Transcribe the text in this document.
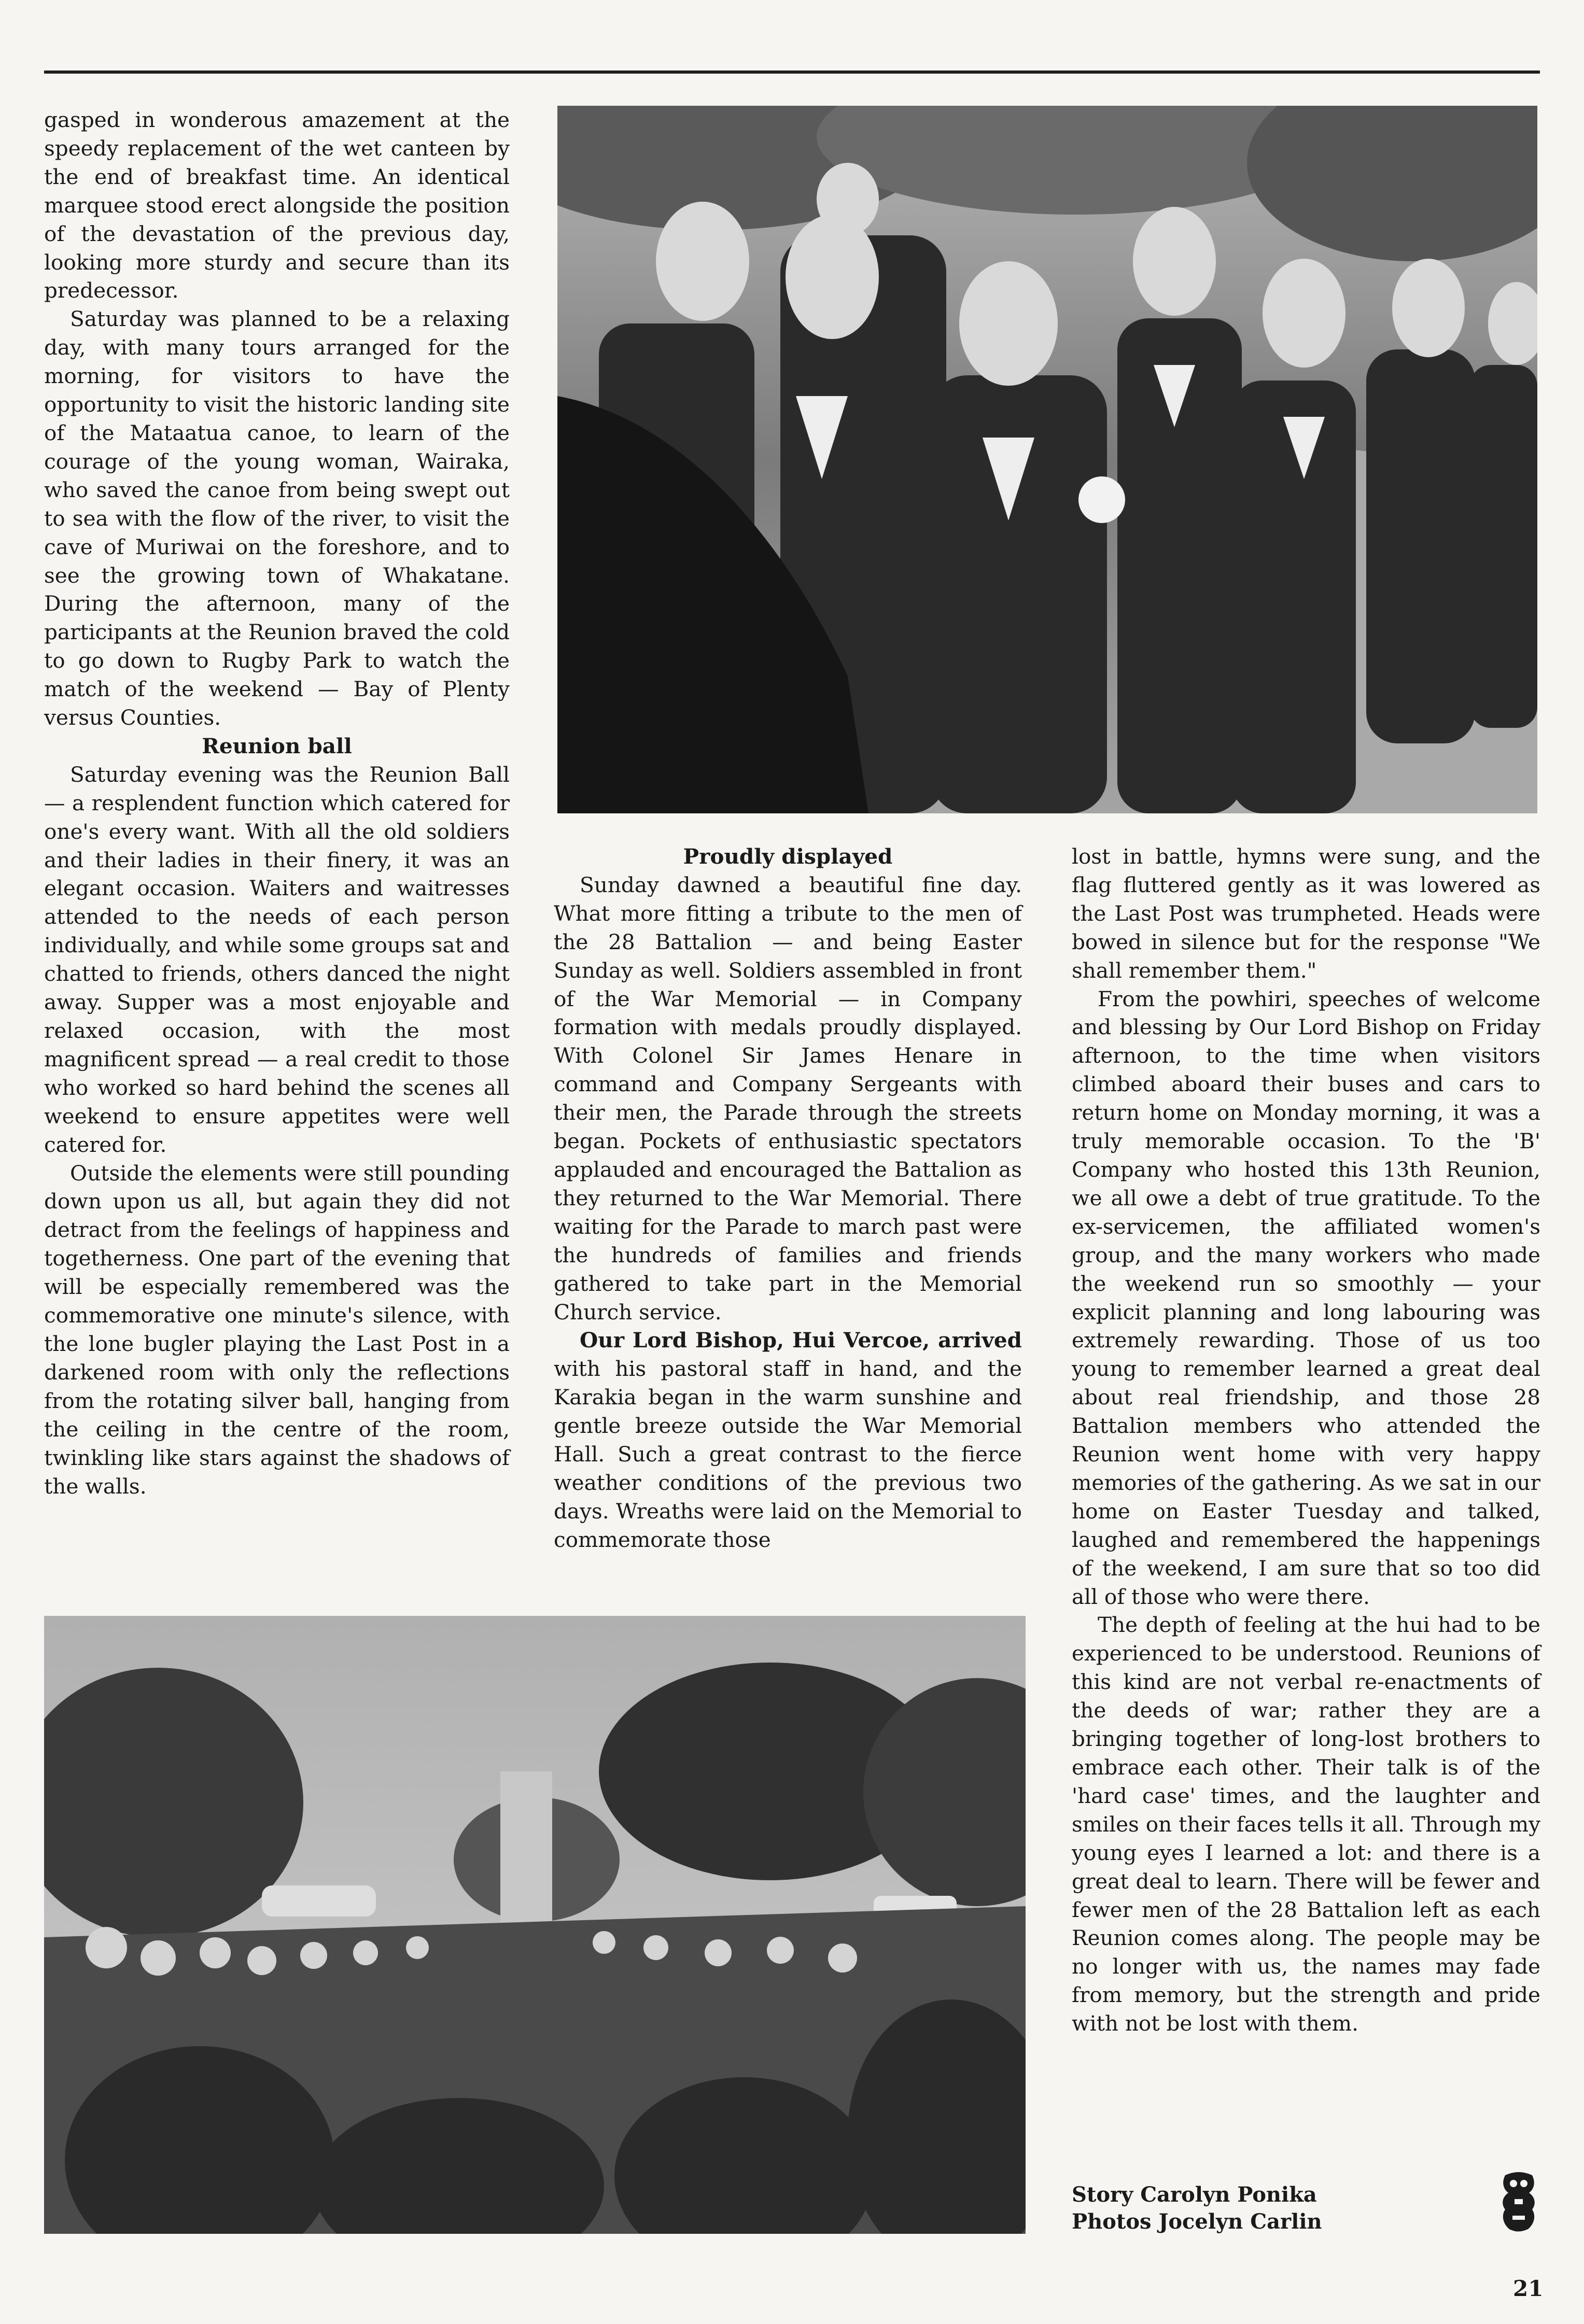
gasped in wonderous amazement at the speedy replacement of the wet canteen by the end of breakfast time. An identical marquee stood erect alongside the position of the devastation of the previous day, looking more sturdy and secure than its predecessor.

Saturday was planned to be a relaxing day, with many tours arranged for the morning, for visitors to have the opportunity to visit the historic landing site of the Mataatua canoe, to learn of the courage of the young woman, Wairaka, who saved the canoe from being swept out to sea with the flow of the river, to visit the cave of Muriwai on the foreshore, and to see the growing town of Whakatane. During the afternoon, many of the participants at the Reunion braved the cold to go down to Rugby Park to watch the match of the weekend — Bay of Plenty versus Counties.

Reunion ball

Saturday evening was the Reunion Ball — a resplendent function which catered for one's every want. With all the old soldiers and their ladies in their finery, it was an elegant occasion. Waiters and waitresses attended to the needs of each person individually, and while some groups sat and chatted to friends, others danced the night away. Supper was a most enjoyable and relaxed occasion, with the most magnificent spread — a real credit to those who worked so hard behind the scenes all weekend to ensure appetites were well catered for.

Outside the elements were still pounding down upon us all, but again they did not detract from the feelings of happiness and togetherness. One part of the evening that will be especially remembered was the commemorative one minute's silence, with the lone bugler playing the Last Post in a darkened room with only the reflections from the rotating silver ball, hanging from the ceiling in the centre of the room, twinkling like stars against the shadows of the walls.

Proudly displayed

Sunday dawned a beautiful fine day. What more fitting a tribute to the men of the 28 Battalion — and being Easter Sunday as well. Soldiers assembled in front of the War Memorial — in Company formation with medals proudly displayed. With Colonel Sir James Henare in command and Company Sergeants with their men, the Parade through the streets began. Pockets of enthusiastic spectators applauded and encouraged the Battalion as they returned to the War Memorial. There waiting for the Parade to march past were the hundreds of families and friends gathered to take part in the Memorial Church service.

Our Lord Bishop, Hui Vercoe, arrived with his pastoral staff in hand, and the Karakia began in the warm sunshine and gentle breeze outside the War Memorial Hall. Such a great contrast to the fierce weather conditions of the previous two days. Wreaths were laid on the Memorial to commemorate those

lost in battle, hymns were sung, and the flag fluttered gently as it was lowered as the Last Post was trumpheted. Heads were bowed in silence but for the response "We shall remember them."

From the powhiri, speeches of welcome and blessing by Our Lord Bishop on Friday afternoon, to the time when visitors climbed aboard their buses and cars to return home on Monday morning, it was a truly memorable occasion. To the 'B' Company who hosted this 13th Reunion, we all owe a debt of true gratitude. To the ex-servicemen, the affiliated women's group, and the many workers who made the weekend run so smoothly — your explicit planning and long labouring was extremely rewarding. Those of us too young to remember learned a great deal about real friendship, and those 28 Battalion members who attended the Reunion went home with very happy memories of the gathering. As we sat in our home on Easter Tuesday and talked, laughed and remembered the happenings of the weekend, I am sure that so too did all of those who were there.

The depth of feeling at the hui had to be experienced to be understood. Reunions of this kind are not verbal re-enactments of the deeds of war; rather they are a bringing together of long-lost brothers to embrace each other. Their talk is of the 'hard case' times, and the laughter and smiles on their faces tells it all. Through my young eyes I learned a lot: and there is a great deal to learn. There will be fewer and fewer men of the 28 Battalion left as each Reunion comes along. The people may be no longer with us, the names may fade from memory, but the strength and pride with not be lost with them.

Story Carolyn Ponika
Photos Jocelyn Carlin
21
